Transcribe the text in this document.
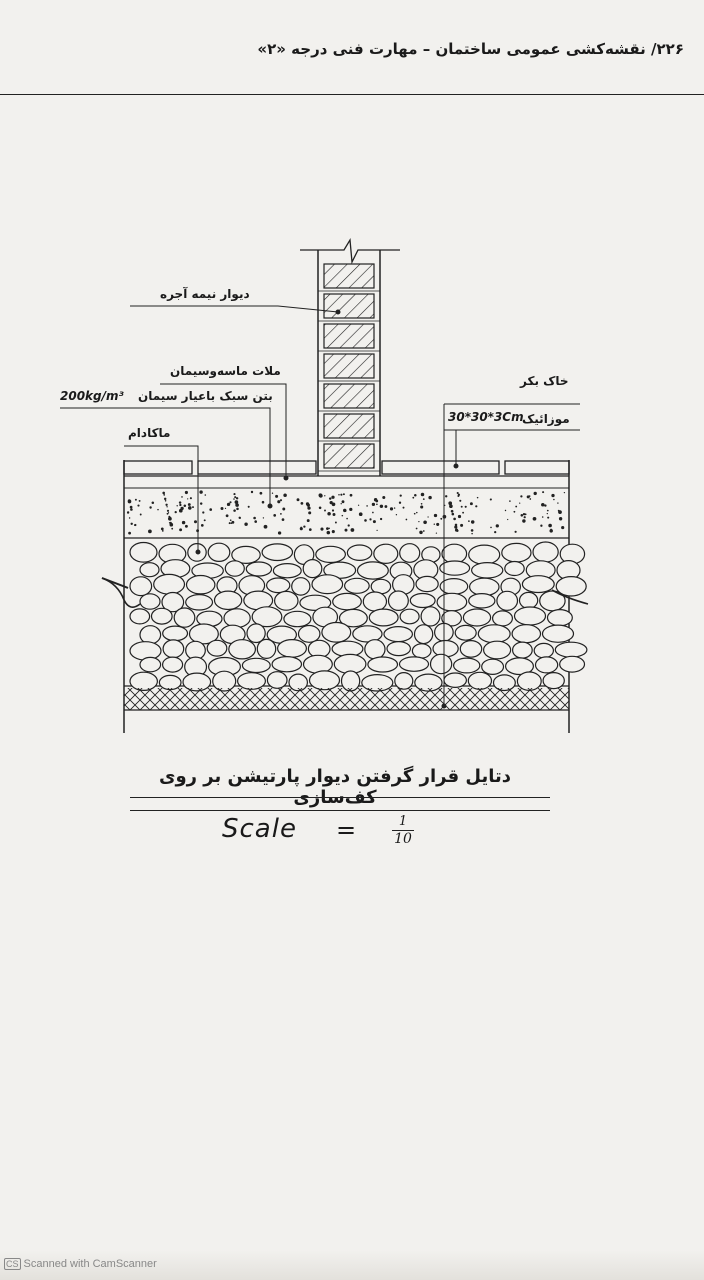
۲۲۶/ نقشه‌کشی عمومی ساختمان – مهارت فنی درجه «۲»
دیوار نیمه آجره
ملات ماسه‌وسیمان
بتن سبک باعیار سیمان
200kg/m³
ماکادام
خاک بکر
موزائیک
30*30*3Cm
دتایل قرار گرفتن دیوار پارتیشن بر روی کف‌سازی
Scale =	1
10
CS Scanned with CamScanner
